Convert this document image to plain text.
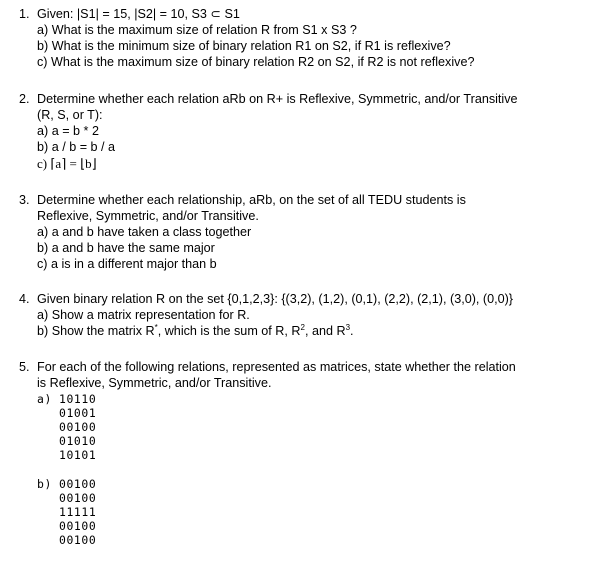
1. Given: |S1| = 15, |S2| = 10, S3 ⊂ S1
a) What is the maximum size of relation R from S1 x S3 ?
b) What is the minimum size of binary relation R1 on S2, if R1 is reflexive?
c) What is the maximum size of binary relation R2 on S2, if R2 is not reflexive?
2. Determine whether each relation aRb on R+ is Reflexive, Symmetric, and/or Transitive
(R, S, or T):
a) a = b * 2
b) a / b = b / a
c) ⌈a⌉ = ⌊b⌋
3. Determine whether each relationship, aRb, on the set of all TEDU students is
Reflexive, Symmetric, and/or Transitive.
a) a and b have taken a class together
b) a and b have the same major
c) a is in a different major than b
4. Given binary relation R on the set {0,1,2,3}: {(3,2), (1,2), (0,1), (2,2), (2,1), (3,0), (0,0)}
a) Show a matrix representation for R.
b) Show the matrix R*, which is the sum of R, $R^2$, and $R^3$.
5. For each of the following relations, represented as matrices, state whether the relation
is Reflexive, Symmetric, and/or Transitive.
a) 10110
01001
00100
01010
10101
b) 00100
00100
11111
00100
00100
